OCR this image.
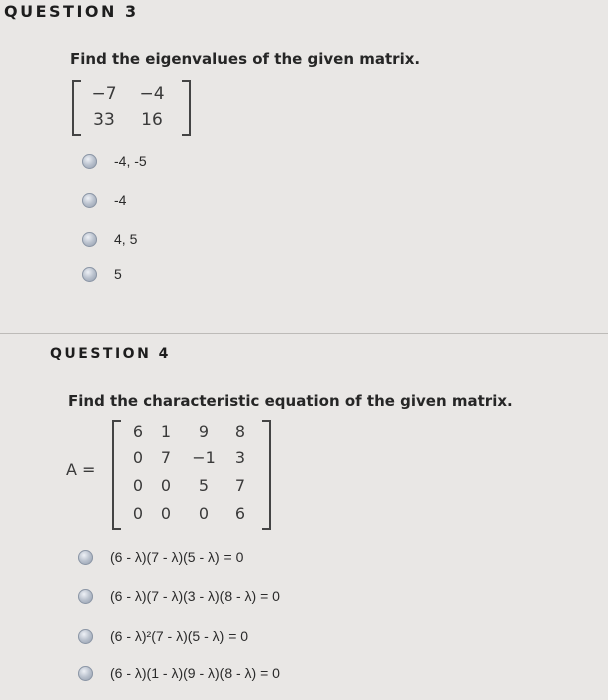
QUESTION 3
Find the eigenvalues of the given matrix.
−7	−4
33	16
-4, -5
-4
4, 5
5
QUESTION 4
Find the characteristic equation of the given matrix.
A =
6	1	9	8
0	7	−1	3
0	0	5	7
0	0	0	6
(6 - λ)(7 - λ)(5 - λ) = 0
(6 - λ)(7 - λ)(3 - λ)(8 - λ) = 0
(6 - λ)²(7 - λ)(5 - λ) = 0
(6 - λ)(1 - λ)(9 - λ)(8 - λ) = 0
